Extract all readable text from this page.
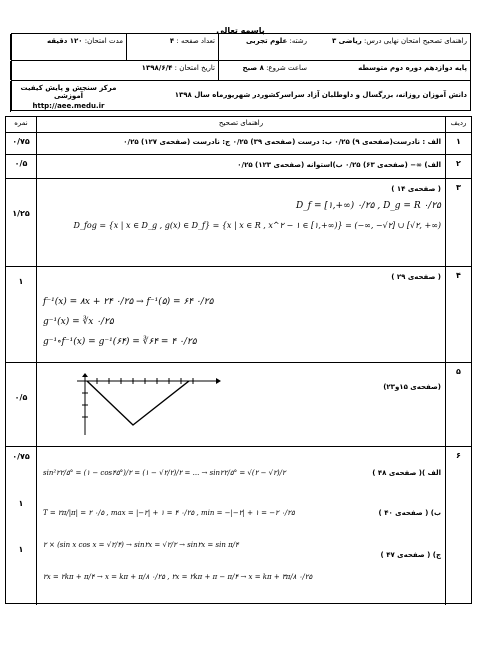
باسمه تعالی
راهنمای تصحیح امتحان نهایی درس: ریاضی ۳
رشته: علوم تجربی
تعداد صفحه : ۴
مدت امتحان: ۱۲۰ دقیقه
پایه دوازدهم دوره دوم متوسطه
ساعت شروع: ۸ صبح
تاریخ امتحان : ۱۳۹۸/۶/۴
دانش آموزان روزانه، بزرگسال و داوطلبان آزاد سراسرکشوردر شهریورماه سال ۱۳۹۸
مرکز سنجش و پایش کیفیت آموزشی
http://aee.medu.ir
ردیف
راهنمای تصحیح
نمره
۱
الف : نادرست(صفحه‌ی ۹) ۰/۲۵ ب: درست (صفحه‌ی ۳۹) ۰/۲۵ ج: نادرست (صفحه‌ی ۱۲۷) ۰/۲۵
۰/۷۵
۲
الف) ∞− (صفحه‌ی ۶۳) ۰/۲۵ ب)استوانه (صفحه‌ی ۱۲۳) ۰/۲۵
۰/۵
۳
( صفحه‌ی ۱۴ )
D_f = [۱,+∞) ۰/۲۵ , D_g = R ۰/۲۵
D_fog = {x | x ∈ D_g , g(x) ∈ D_f} = {x | x ∈ R , x^۲ − ۱ ∈ [۱,+∞)} = (−∞, −√۲] ∪ [√۲, +∞)
۱/۲۵
۴
( صفحه‌ی ۲۹ )
f⁻¹(x) = ۸x + ۲۴ ۰/۲۵ → f⁻¹(۵) = ۶۴ ۰/۲۵
g⁻¹(x) = ∛x ۰/۲۵
g⁻¹∘f⁻¹(x) = g⁻¹(۶۴) = ∛۶۴ = ۴ ۰/۲۵
۱
۵
(صفحه‌ی ۱۵و۲۳)
۰/۵
۶
الف )( صفحه‌ی ۴۸ )
sin²۲۲/۵° = (۱ − cos۴۵°)/۲ = (۱ − √۲/۲)/۲ = ... → sin۲۲/۵° = √(۲ − √۲)/۲
ب) ( صفحه‌ی ۴۰ )
T = ۲π/|π| = ۲ ۰/۵ , max = |−۲| + ۱ = ۴ ۰/۲۵ , min = −|−۲| + ۱ = −۲ ۰/۲۵
ج) ( صفحه‌ی ۴۷ )
۲ × (sin x cos x = √۲/۴) → sin۲x = √۲/۲ → sin۲x = sin π/۴
۲x = ۲kπ + π/۴ → x = kπ + π/۸ ۰/۲۵ , ۲x = ۲kπ + π − π/۴ → x = kπ + ۳π/۸ ۰/۲۵
۰/۷۵
۱
۱
